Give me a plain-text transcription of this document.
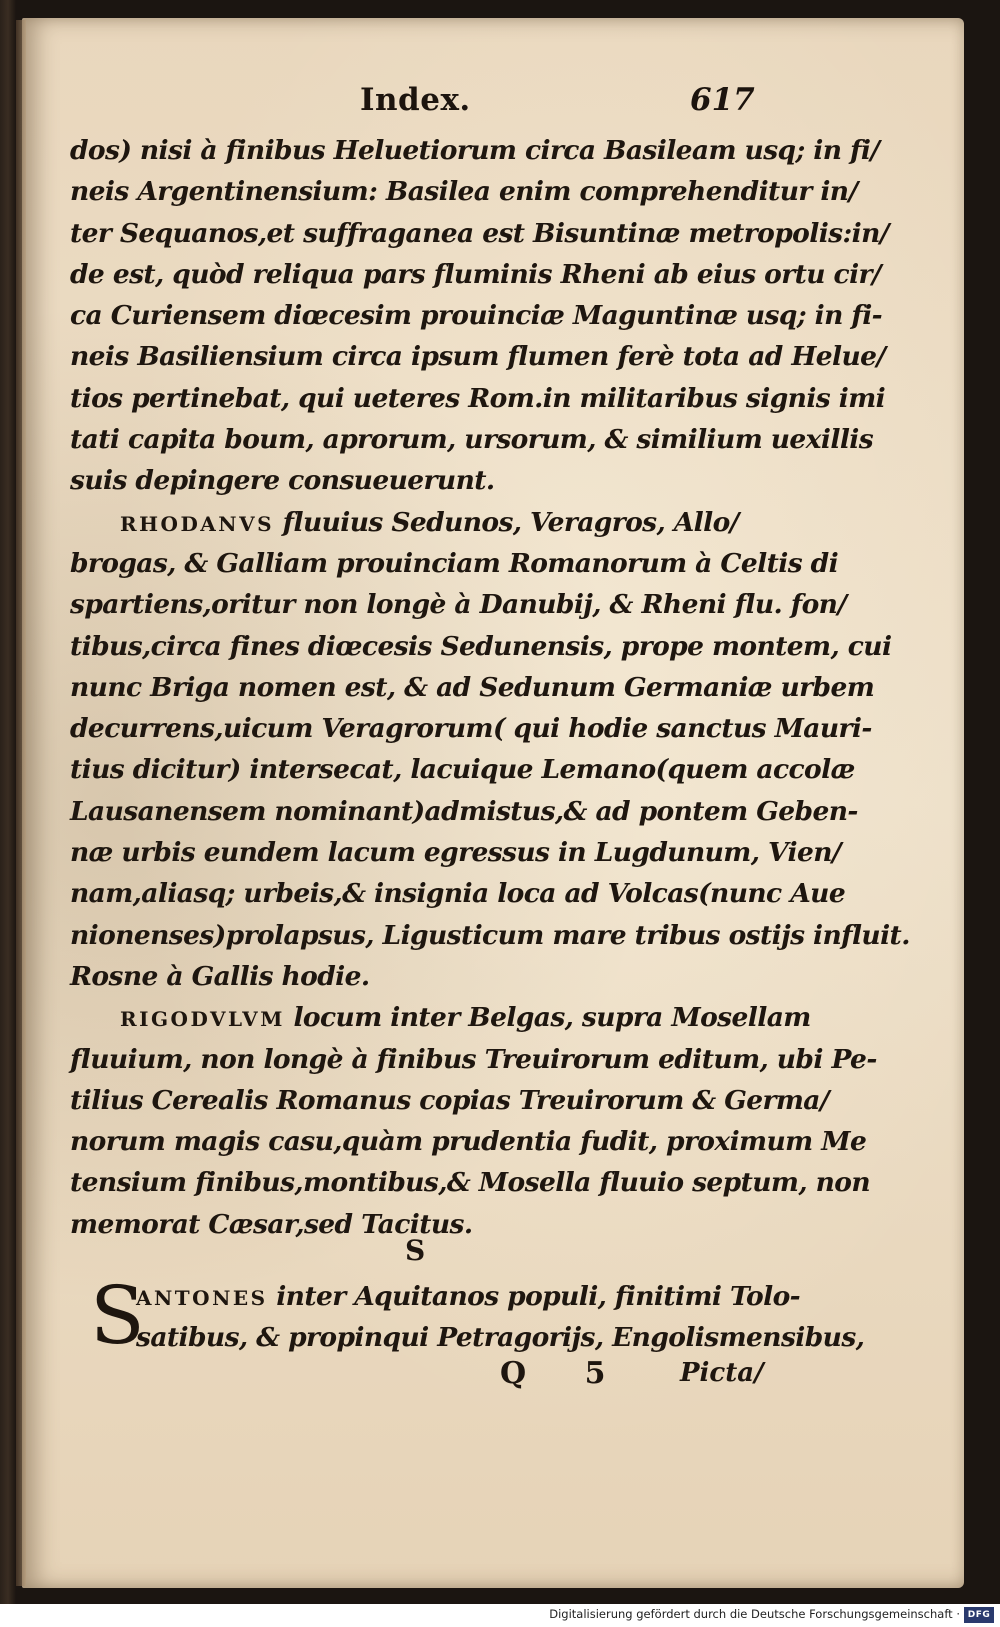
Index.	617
dos) nisi à finibus Heluetiorum circa Basileam usq; in fi/
neis Argentinensium: Basilea enim comprehenditur in/
ter Sequanos,et suffraganea est Bisuntinæ metropolis:in/
de est, quòd reliqua pars fluminis Rheni ab eius ortu cir/
ca Curiensem diœcesim prouinciæ Maguntinæ usq; in fi-
neis Basiliensium circa ipsum flumen ferè tota ad Helue/
tios pertinebat, qui ueteres Rom.in militaribus signis imi
tati capita boum, aprorum, ursorum, & similium uexillis
suis depingere consueuerunt.
RHODANVS fluuius Sedunos, Veragros, Allo/
brogas, & Galliam prouinciam Romanorum à Celtis di
spartiens,oritur non longè à Danubij, & Rheni flu. fon/
tibus,circa fines diœcesis Sedunensis, prope montem, cui
nunc Briga nomen est, & ad Sedunum Germaniæ urbem
decurrens,uicum Veragrorum( qui hodie sanctus Mauri-
tius dicitur) intersecat, lacuique Lemano(quem accolæ
Lausanensem nominant)admistus,& ad pontem Geben-
næ urbis eundem lacum egressus in Lugdunum, Vien/
nam,aliasq; urbeis,& insignia loca ad Volcas(nunc Aue
nionenses)prolapsus, Ligusticum mare tribus ostijs influit.
Rosne à Gallis hodie.
RIGODVLVM locum inter Belgas, supra Mosellam
fluuium, non longè à finibus Treuirorum editum, ubi Pe-
tilius Cerealis Romanus copias Treuirorum & Germa/
norum magis casu,quàm prudentia fudit, proximum Me
tensium finibus,montibus,& Mosella fluuio septum, non
memorat Cæsar,sed Tacitus.
S
S
ANTONES inter Aquitanos populi, finitimi Tolo-
satibus, & propinqui Petragorijs, Engolismensibus,
Q 5 Picta/
Digitalisierung gefördert durch die Deutsche Forschungsgemeinschaft · DFG
